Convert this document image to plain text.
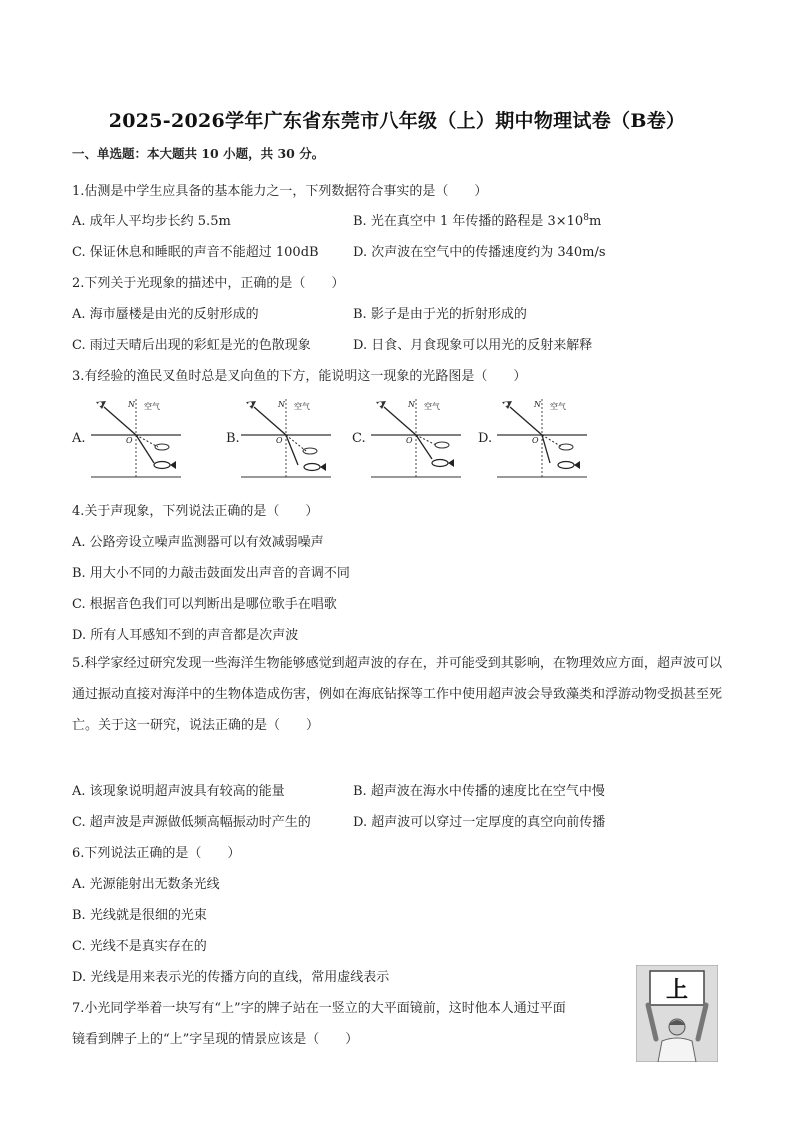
2025-2026学年广东省东莞市八年级（上）期中物理试卷（B卷）
一、单选题：本大题共 10 小题，共 30 分。
1.估测是中学生应具备的基本能力之一，下列数据符合事实的是（　　）
A. 成年人平均步长约 5.5m	B. 光在真空中 1 年传播的路程是 $3\times 10^8m$
C. 保证休息和睡眠的声音不能超过 100dB	D. 次声波在空气中的传播速度约为 340m/s
2.下列关于光现象的描述中，正确的是（　　）
A. 海市蜃楼是由光的反射形成的	B. 影子是由于光的折射形成的
C. 雨过天晴后出现的彩虹是光的色散现象	D. 日食、月食现象可以用光的反射来解释
3.有经验的渔民叉鱼时总是叉向鱼的下方，能说明这一现象的光路图是（　　）
A.
N 空气
O	B.
N 空气
O	C.
N 空气
O	D.
N 空气
O
4.关于声现象，下列说法正确的是（　　）
A. 公路旁设立噪声监测器可以有效减弱噪声
B. 用大小不同的力敲击鼓面发出声音的音调不同
C. 根据音色我们可以判断出是哪位歌手在唱歌
D. 所有人耳感知不到的声音都是次声波
5.科学家经过研究发现一些海洋生物能够感觉到超声波的存在，并可能受到其影响，在物理效应方面，超声波可以通过振动直接对海洋中的生物体造成伤害，例如在海底钻探等工作中使用超声波会导致藻类和浮游动物受损甚至死亡。关于这一研究，说法正确的是（　　）
A. 该现象说明超声波具有较高的能量	B. 超声波在海水中传播的速度比在空气中慢
C. 超声波是声源做低频高幅振动时产生的	D. 超声波可以穿过一定厚度的真空向前传播
6.下列说法正确的是（　　）
A. 光源能射出无数条光线
B. 光线就是很细的光束
C. 光线不是真实存在的
D. 光线是用来表示光的传播方向的直线，常用虚线表示
7.小光同学举着一块写有“上”字的牌子站在一竖立的大平面镜前，这时他本人通过平面
镜看到牌子上的“上”字呈现的情景应该是（　　）
上
